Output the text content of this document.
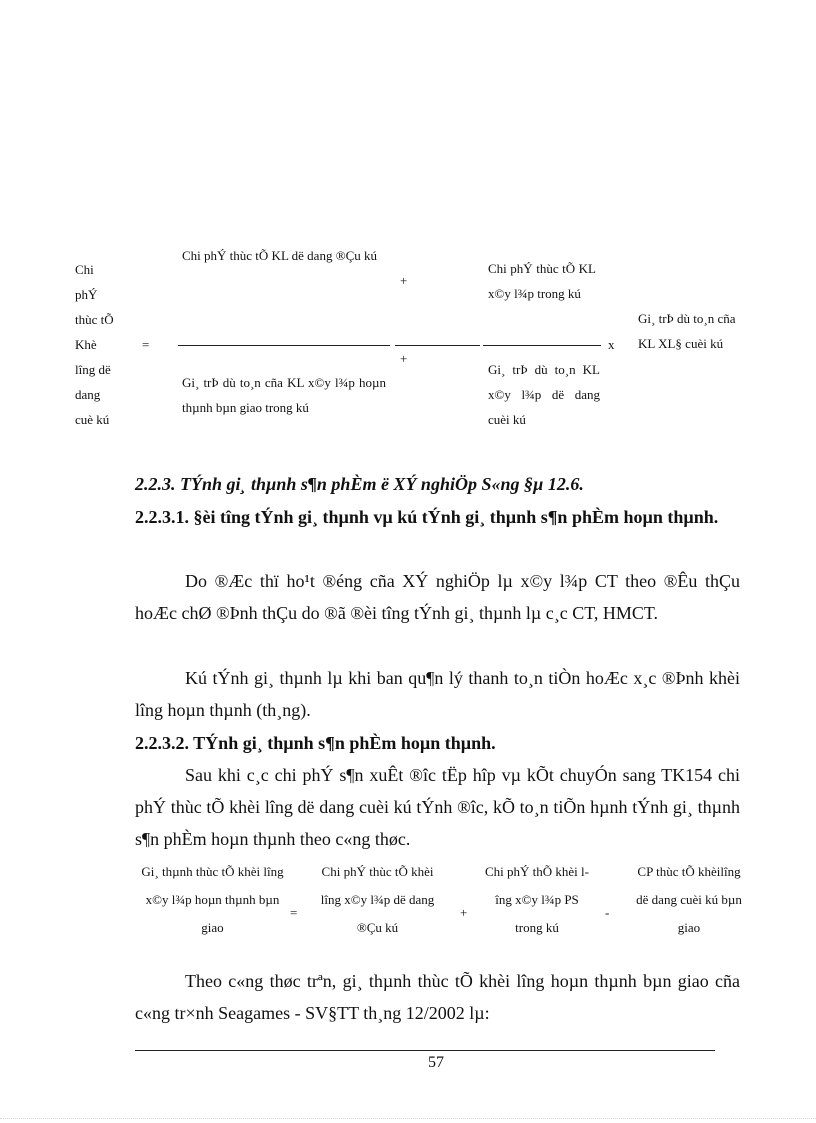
Chi
phÝ
thùc tÕ
Khè
lîng dë
dang
cuè kú
=
Chi phÝ thùc tÕ KL dë dang ®Çu kú
+
Chi phÝ thùc tÕ KL x©y l¾p trong kú
x
Gi¸ trÞ dù to¸n cña KL XL§ cuèi kú
Gi¸ trÞ dù to¸n cña KL x©y l¾p hoµn thµnh bµn giao trong kú
+
Gi¸ trÞ dù to¸n KL x©y l¾p dë dang cuèi kú
2.2.3. TÝnh gi¸ thµnh s¶n phÈm ë XÝ nghiÖp S«ng §µ 12.6.
2.2.3.1. §èi tîng tÝnh gi¸ thµnh vµ kú tÝnh gi¸ thµnh s¶n phÈm hoµn thµnh.
Do ®Æc thï ho¹t ®éng cña XÝ nghiÖp lµ x©y l¾p CT theo ®Êu thÇu hoÆc chØ ®Þnh thÇu do ®ã ®èi tîng tÝnh gi¸ thµnh lµ c¸c CT, HMCT.
Kú tÝnh gi¸ thµnh lµ khi ban qu¶n lý thanh to¸n tiÒn hoÆc x¸c ®Þnh khèi lîng hoµn thµnh (th¸ng).
2.2.3.2. TÝnh gi¸ thµnh s¶n phÈm hoµn thµnh.
Sau khi c¸c chi phÝ s¶n xuÊt ®îc tËp hîp vµ kÕt chuyÓn sang TK154 chi phÝ thùc tÕ khèi lîng dë dang cuèi kú tÝnh ®îc, kÕ to¸n tiÕn hµnh tÝnh gi¸ thµnh s¶n phÈm hoµn thµnh theo c«ng thøc.
Gi¸ thµnh thùc tÕ khèi lîng x©y l¾p hoµn thµnh bµn giao
=
Chi phÝ thùc tÕ khèi lîng x©y l¾p dë dang ®Çu kú
+
Chi phÝ thÕ khèi lîng x©y l¾p PS trong kú
-
CP thùc tÕ khèilîng dë dang cuèi kú bµn giao
Theo c«ng thøc trªn, gi¸ thµnh thùc tÕ khèi lîng hoµn thµnh bµn giao cña c«ng tr×nh Seagames - SV§TT th¸ng 12/2002 lµ:
57
